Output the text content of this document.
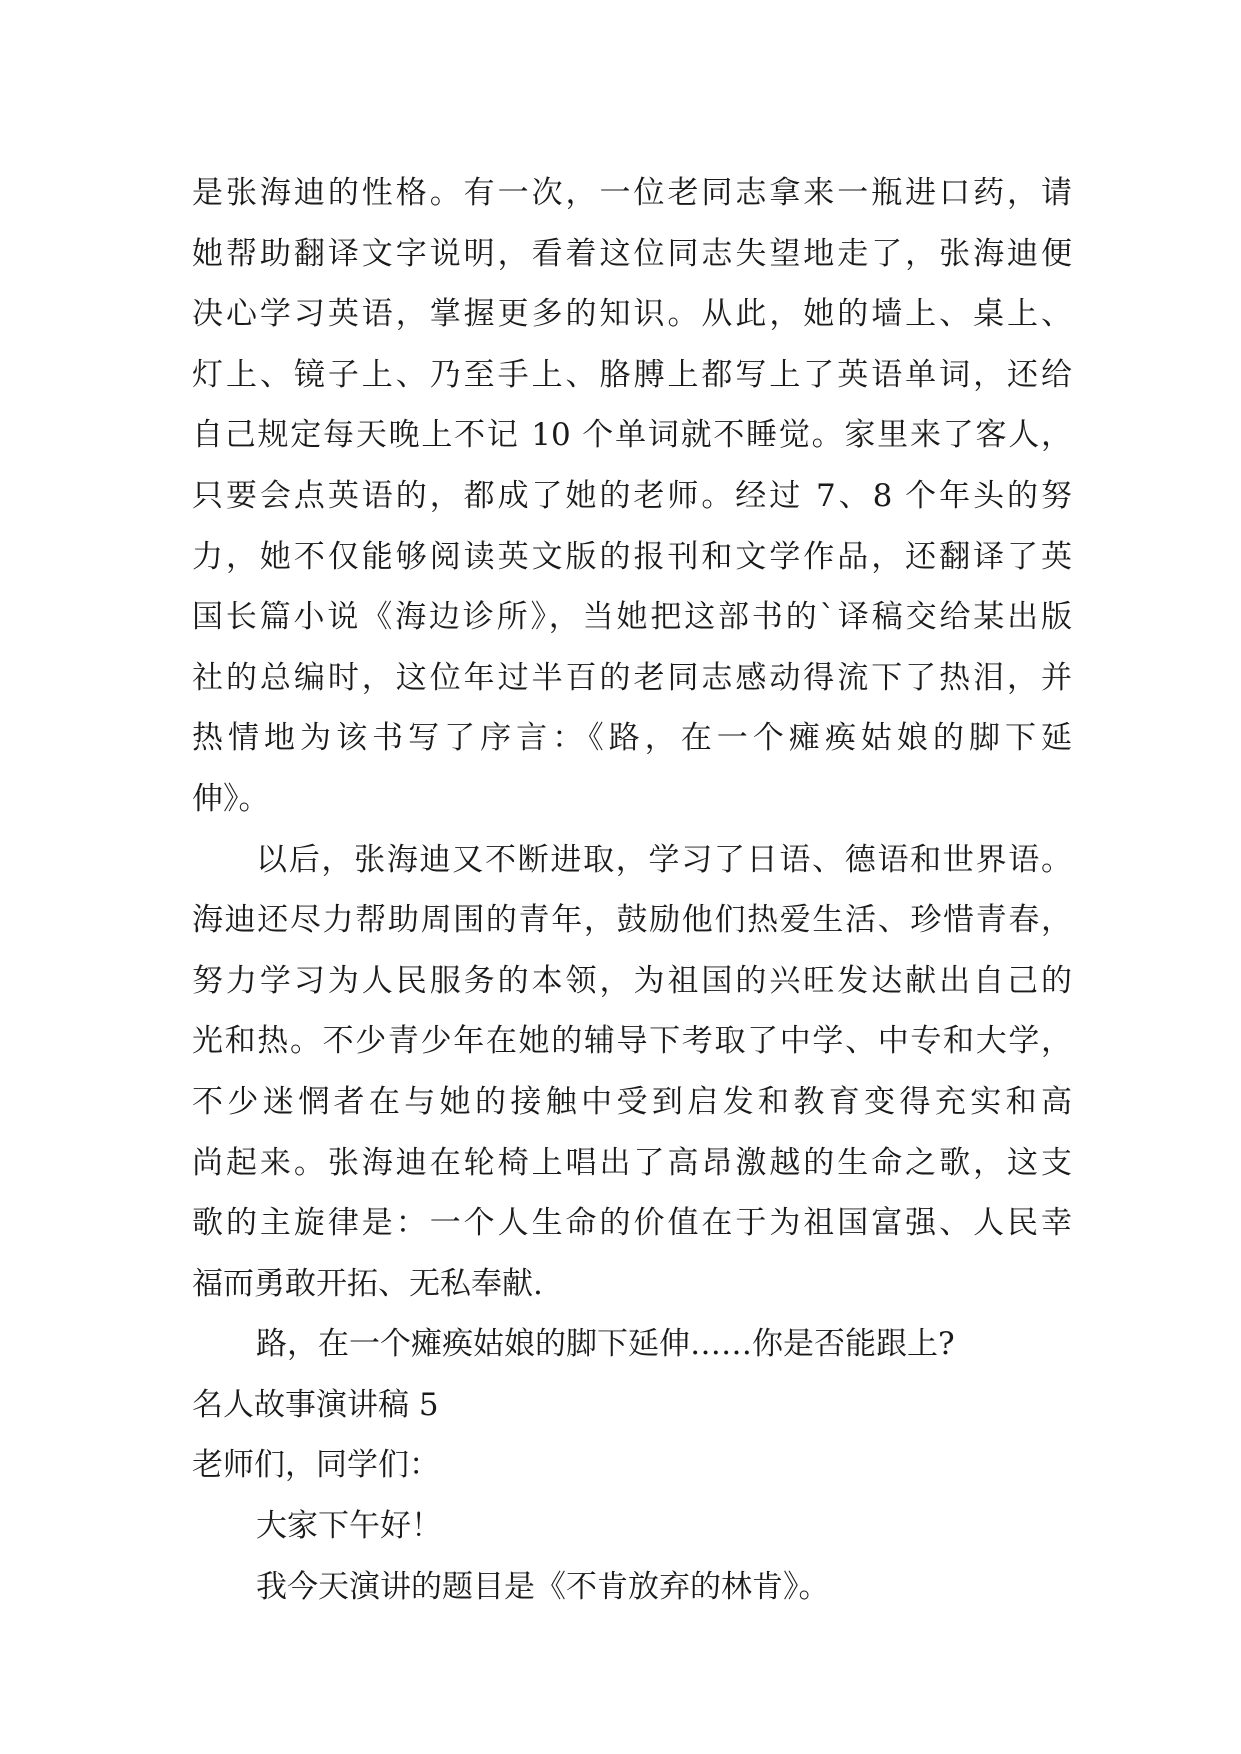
是张海迪的性格。有一次，一位老同志拿来一瓶进口药，请
她帮助翻译文字说明，看着这位同志失望地走了，张海迪便
决心学习英语，掌握更多的知识。从此，她的墙上、桌上、
灯上、镜子上、乃至手上、胳膊上都写上了英语单词，还给
自己规定每天晚上不记 10 个单词就不睡觉。家里来了客人，
只要会点英语的，都成了她的老师。经过 7、8 个年头的努
力，她不仅能够阅读英文版的报刊和文学作品，还翻译了英
国长篇小说《海边诊所》，当她把这部书的`译稿交给某出版
社的总编时，这位年过半百的老同志感动得流下了热泪，并
热情地为该书写了序言：《路，在一个瘫痪姑娘的脚下延
伸》。
以后，张海迪又不断进取，学习了日语、德语和世界语。
海迪还尽力帮助周围的青年，鼓励他们热爱生活、珍惜青春，
努力学习为人民服务的本领，为祖国的兴旺发达献出自己的
光和热。不少青少年在她的辅导下考取了中学、中专和大学，
不少迷惘者在与她的接触中受到启发和教育变得充实和高
尚起来。张海迪在轮椅上唱出了高昂激越的生命之歌，这支
歌的主旋律是：一个人生命的价值在于为祖国富强、人民幸
福而勇敢开拓、无私奉献.
路，在一个瘫痪姑娘的脚下延伸……你是否能跟上?
名人故事演讲稿 5
老师们，同学们：
大家下午好！
我今天演讲的题目是《不肯放弃的林肯》。
